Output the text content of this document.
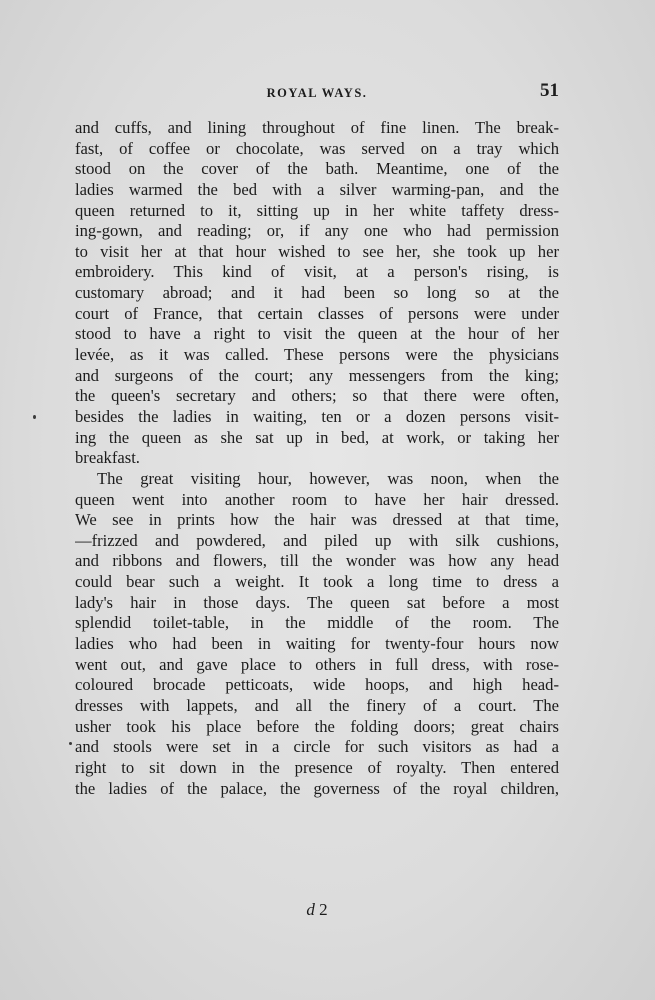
ROYAL WAYS.	51
and cuffs, and lining throughout of fine linen. The break-
fast, of coffee or chocolate, was served on a tray which
stood on the cover of the bath. Meantime, one of the
ladies warmed the bed with a silver warming-pan, and the
queen returned to it, sitting up in her white taffety dress-
ing-gown, and reading; or, if any one who had permission
to visit her at that hour wished to see her, she took up her
embroidery. This kind of visit, at a person's rising, is
customary abroad; and it had been so long so at the
court of France, that certain classes of persons were under
stood to have a right to visit the queen at the hour of her
levée, as it was called. These persons were the physicians
and surgeons of the court; any messengers from the king;
the queen's secretary and others; so that there were often,
besides the ladies in waiting, ten or a dozen persons visit-
ing the queen as she sat up in bed, at work, or taking her
breakfast.
The great visiting hour, however, was noon, when the
queen went into another room to have her hair dressed.
We see in prints how the hair was dressed at that time,
—frizzed and powdered, and piled up with silk cushions,
and ribbons and flowers, till the wonder was how any head
could bear such a weight. It took a long time to dress a
lady's hair in those days. The queen sat before a most
splendid toilet-table, in the middle of the room. The
ladies who had been in waiting for twenty-four hours now
went out, and gave place to others in full dress, with rose-
coloured brocade petticoats, wide hoops, and high head-
dresses with lappets, and all the finery of a court. The
usher took his place before the folding doors; great chairs
and stools were set in a circle for such visitors as had a
right to sit down in the presence of royalty. Then entered
the ladies of the palace, the governess of the royal children,
d 2
